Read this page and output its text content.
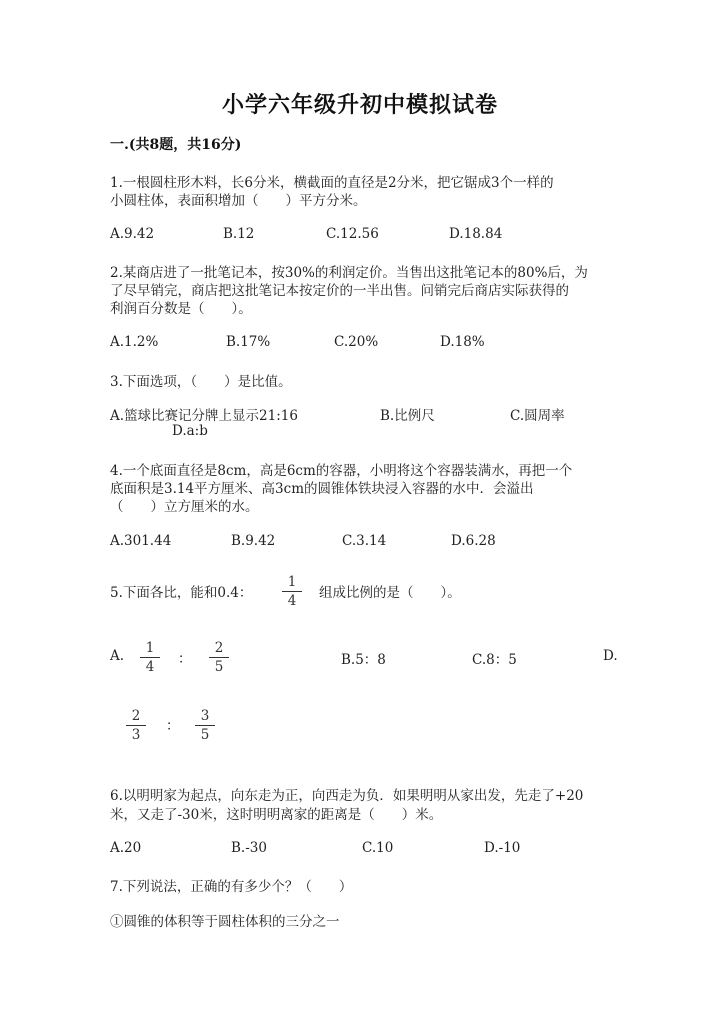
小学六年级升初中模拟试卷
一.(共8题，共16分)
1.一根圆柱形木料，长6分米，横截面的直径是2分米，把它锯成3个一样的
小圆柱体，表面积增加（　　）平方分米。
A.9.42	B.12	C.12.56	D.18.84
2.某商店进了一批笔记本，按30%的利润定价。当售出这批笔记本的80%后，为
了尽早销完，商店把这批笔记本按定价的一半出售。问销完后商店实际获得的
利润百分数是（　　）。
A.1.2%	B.17%	C.20%	D.18%
3.下面选项，（　　）是比值。
A.篮球比赛记分牌上显示21:16	B.比例尺	C.圆周率
D.a:b
4.一个底面直径是8cm，高是6cm的容器，小明将这个容器装满水，再把一个
底面积是3.14平方厘米、高3cm的圆锥体铁块浸入容器的水中．会溢出
（　　）立方厘米的水。
A.301.44	B.9.42	C.3.14	D.6.28
5.下面各比，能和0.4：
1
4	组成比例的是（　　）。
A.	1
4	：
2
5	B.5：8	C.8：5	D.
2
3
：
3
5
6.以明明家为起点，向东走为正，向西走为负．如果明明从家出发，先走了+20
米，又走了-30米，这时明明离家的距离是（　　）米。
A.20	B.-30	C.10	D.-10
7.下列说法，正确的有多少个？（　　）
①圆锥的体积等于圆柱体积的三分之一
